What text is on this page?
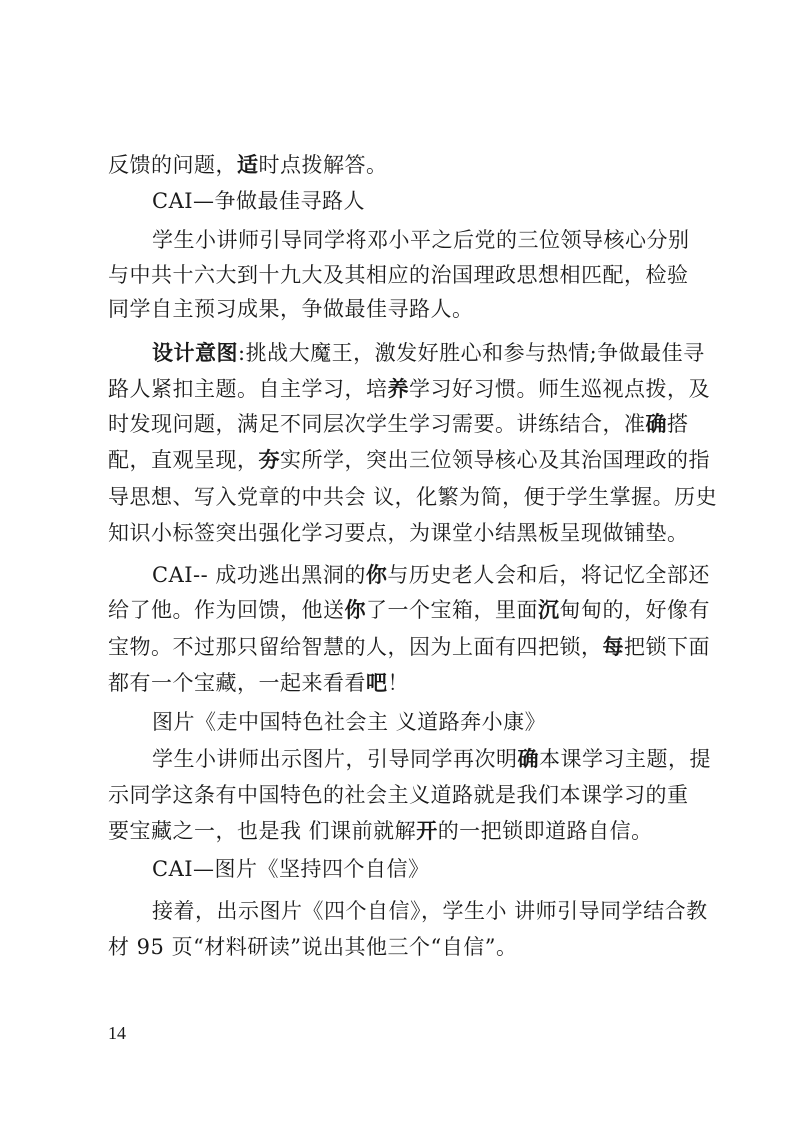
反馈的问题，适时点拨解答。
CAI—争做最佳寻路人
学生小讲师引导同学将邓小平之后党的三位领导核心分别
与中共十六大到十九大及其相应的治国理政思想相匹配，检验
同学自主预习成果，争做最佳寻路人。
设计意图:挑战大魔王，激发好胜心和参与热情;争做最佳寻
路人紧扣主题。自主学习，培养学习好习惯。师生巡视点拨，及
时发现问题，满足不同层次学生学习需要。讲练结合，准确搭
配，直观呈现，夯实所学，突出三位领导核心及其治国理政的指
导思想、写入党章的中共会 议，化繁为简，便于学生掌握。历史
知识小标签突出强化学习要点，为课堂小结黑板呈现做铺垫。
CAI-- 成功逃出黑洞的你与历史老人会和后，将记忆全部还
给了他。作为回馈，他送你了一个宝箱，里面沉甸甸的，好像有
宝物。不过那只留给智慧的人，因为上面有四把锁，每把锁下面
都有一个宝藏，一起来看看吧！
图片《走中国特色社会主 义道路奔小康》
学生小讲师出示图片，引导同学再次明确本课学习主题，提
示同学这条有中国特色的社会主义道路就是我们本课学习的重
要宝藏之一，也是我 们课前就解开的一把锁即道路自信。
CAI—图片《坚持四个自信》
接着，出示图片《四个自信》，学生小 讲师引导同学结合教
材 95 页“材料研读”说出其他三个“自信”。
14
